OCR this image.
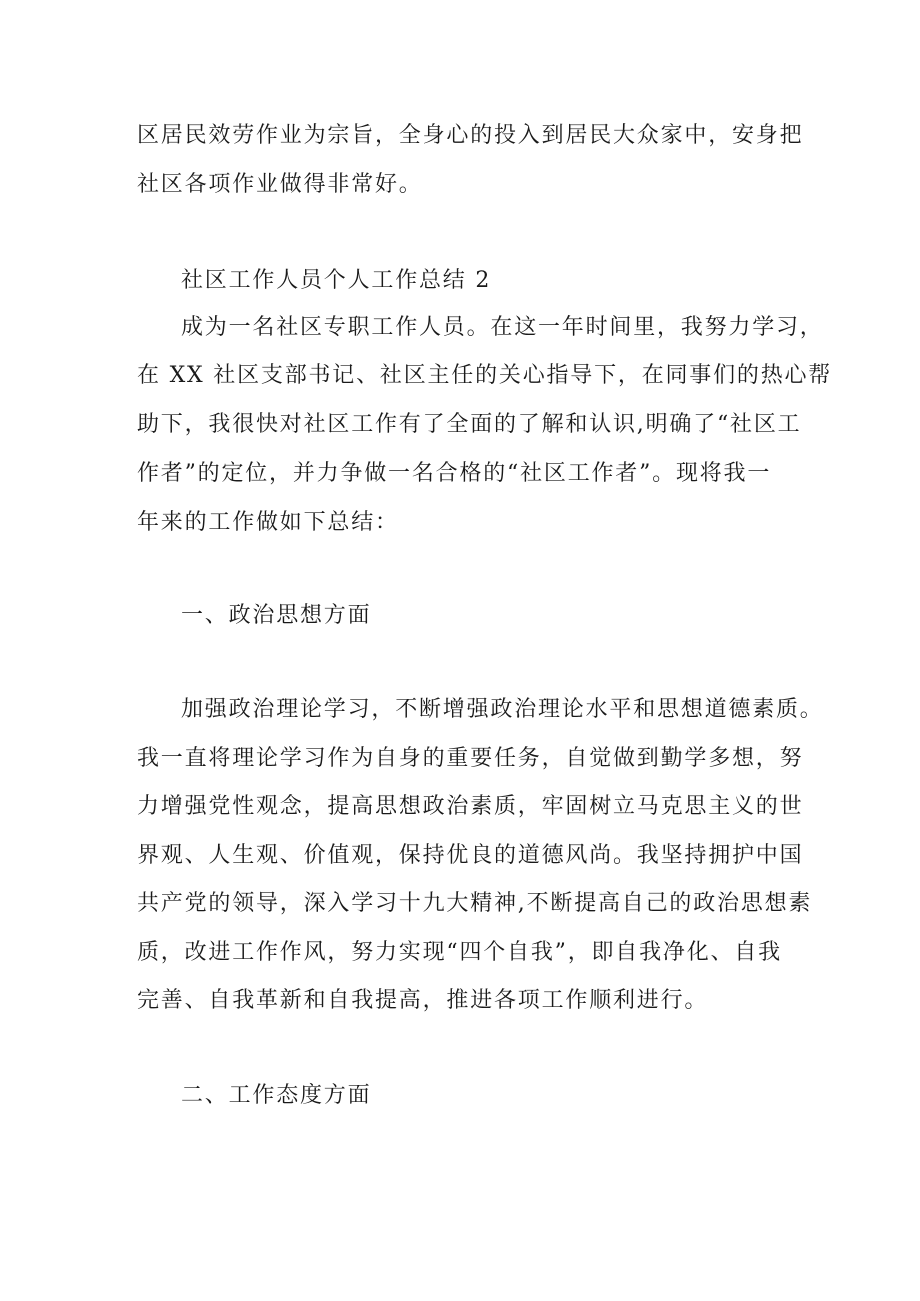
区居民效劳作业为宗旨，全身心的投入到居民大众家中，安身把
社区各项作业做得非常好。
社区工作人员个人工作总结 2
成为一名社区专职工作人员。在这一年时间里，我努力学习，
在 XX 社区支部书记、社区主任的关心指导下，在同事们的热心帮
助下，我很快对社区工作有了全面的了解和认识,明确了“社区工
作者”的定位，并力争做一名合格的“社区工作者”。现将我一
年来的工作做如下总结：
一、政治思想方面
加强政治理论学习，不断增强政治理论水平和思想道德素质。
我一直将理论学习作为自身的重要任务，自觉做到勤学多想，努
力增强党性观念，提高思想政治素质，牢固树立马克思主义的世
界观、人生观、价值观，保持优良的道德风尚。我坚持拥护中国
共产党的领导，深入学习十九大精神,不断提高自己的政治思想素
质，改进工作作风，努力实现“四个自我”，即自我净化、自我
完善、自我革新和自我提高，推进各项工作顺利进行。
二、工作态度方面
